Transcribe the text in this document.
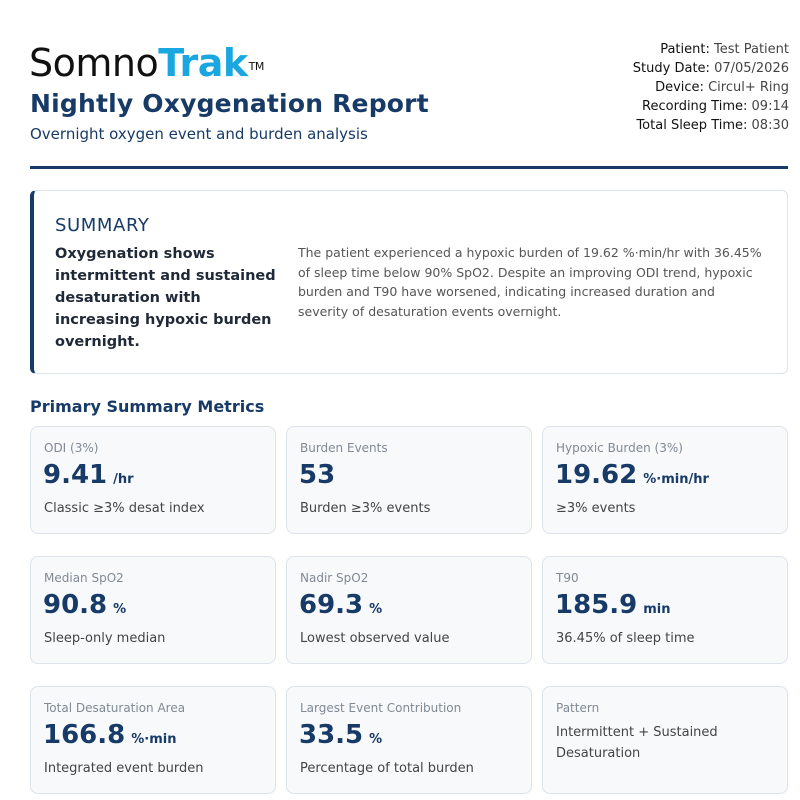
SomnoTrak™
Nightly Oxygenation Report
Overnight oxygen event and burden analysis
Patient: Test Patient
Study Date: 07/05/2026
Device: Circul+ Ring
Recording Time: 09:14
Total Sleep Time: 08:30
SUMMARY
Oxygenation shows intermittent and sustained desaturation with increasing hypoxic burden overnight.
The patient experienced a hypoxic burden of 19.62 %·min/hr with 36.45% of sleep time below 90% SpO2. Despite an improving ODI trend, hypoxic burden and T90 have worsened, indicating increased duration and severity of desaturation events overnight.
Primary Summary Metrics
ODI (3%)
9.41 /hr
Classic ≥3% desat index
Burden Events
53
Burden ≥3% events
Hypoxic Burden (3%)
19.62 %·min/hr
≥3% events
Median SpO2
90.8 %
Sleep-only median
Nadir SpO2
69.3 %
Lowest observed value
T90
185.9 min
36.45% of sleep time
Total Desaturation Area
166.8 %·min
Integrated event burden
Largest Event Contribution
33.5 %
Percentage of total burden
Pattern
Intermittent + Sustained Desaturation
